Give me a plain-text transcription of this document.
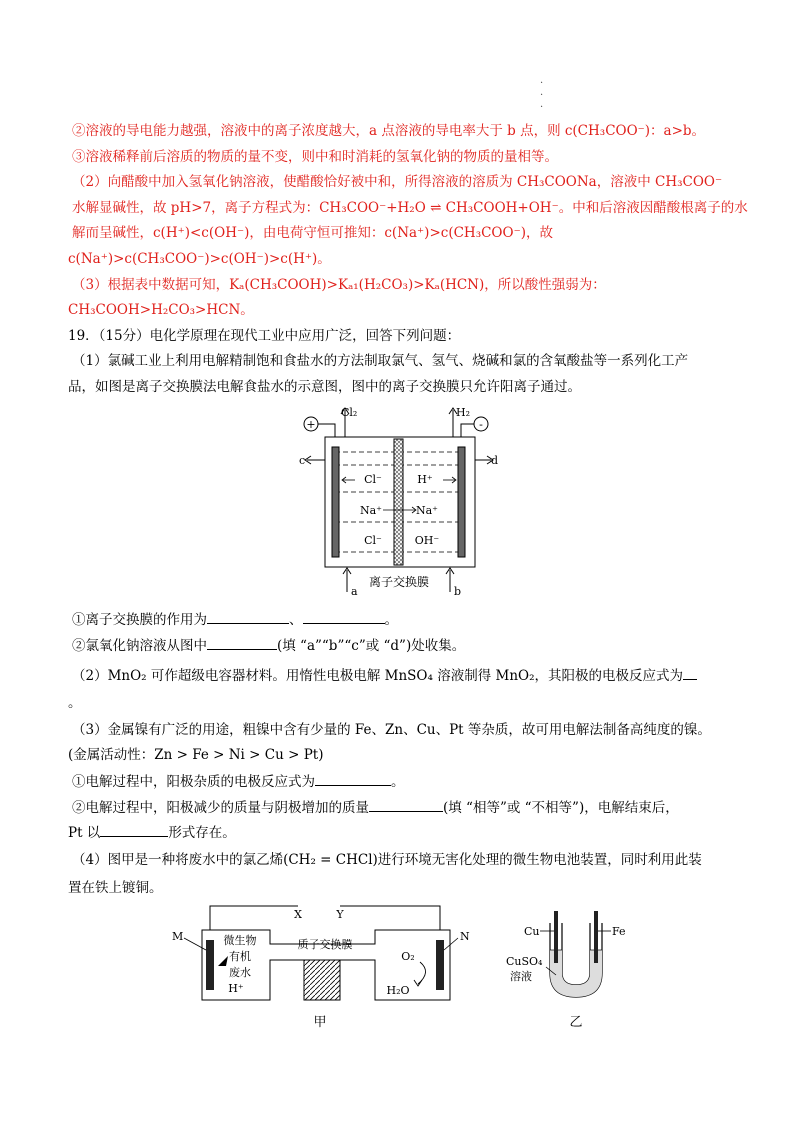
·
·
·
②溶液的导电能力越强，溶液中的离子浓度越大，a 点溶液的导电率大于 b 点，则 c(CH₃COO⁻)：a>b。
③溶液稀释前后溶质的物质的量不变，则中和时消耗的氢氧化钠的物质的量相等。
（2）向醋酸中加入氢氧化钠溶液，使醋酸恰好被中和，所得溶液的溶质为 CH₃COONa，溶液中 CH₃COO⁻
水解显碱性，故 pH>7，离子方程式为：CH₃COO⁻+H₂O ⇌ CH₃COOH+OH⁻。中和后溶液因醋酸根离子的水
解而呈碱性，c(H⁺)<c(OH⁻)，由电荷守恒可推知：c(Na⁺)>c(CH₃COO⁻)，故
c(Na⁺)>c(CH₃COO⁻)>c(OH⁻)>c(H⁺)。
（3）根据表中数据可知，Kₐ(CH₃COOH)>Kₐ₁(H₂CO₃)>Kₐ(HCN)，所以酸性强弱为：
CH₃COOH>H₂CO₃>HCN。
19．（15分）电化学原理在现代工业中应用广泛，回答下列问题：
（1）氯碱工业上利用电解精制饱和食盐水的方法制取氯气、氢气、烧碱和氯的含氧酸盐等一系列化工产
品，如图是离子交换膜法电解食盐水的示意图，图中的离子交换膜只允许阳离子通过。
+	-
Cl₂	H₂
c	d
Cl⁻	H⁺
Na⁺	Na⁺
Cl⁻	OH⁻
a	b
离子交换膜
①离子交换膜的作用为	、	。
②氯氧化钠溶液从图中	(填 “a”“b”“c”或 “d”)处收集。
（2）MnO₂ 可作超级电容器材料。用惰性电极电解 MnSO₄ 溶液制得 MnO₂，其阳极的电极反应式为
。
（3）金属镍有广泛的用途，粗镍中含有少量的 Fe、Zn、Cu、Pt 等杂质，故可用电解法制备高纯度的镍。
(金属活动性：Zn > Fe > Ni > Cu > Pt)
①电解过程中，阳极杂质的电极反应式为	。
②电解过程中，阳极减少的质量与阴极增加的质量	(填 “相等”或 “不相等”)，电解结束后，
Pt 以	形式存在。
（4）图甲是一种将废水中的氯乙烯(CH₂ = CHCl)进行环境无害化处理的微生物电池装置，同时利用此装
置在铁上镀铜。
X	Y
M	N
质子交换膜
微生物
有机
废水
H⁺
O₂
H₂O
甲
Cu	Fe
CuSO₄
溶液
乙
